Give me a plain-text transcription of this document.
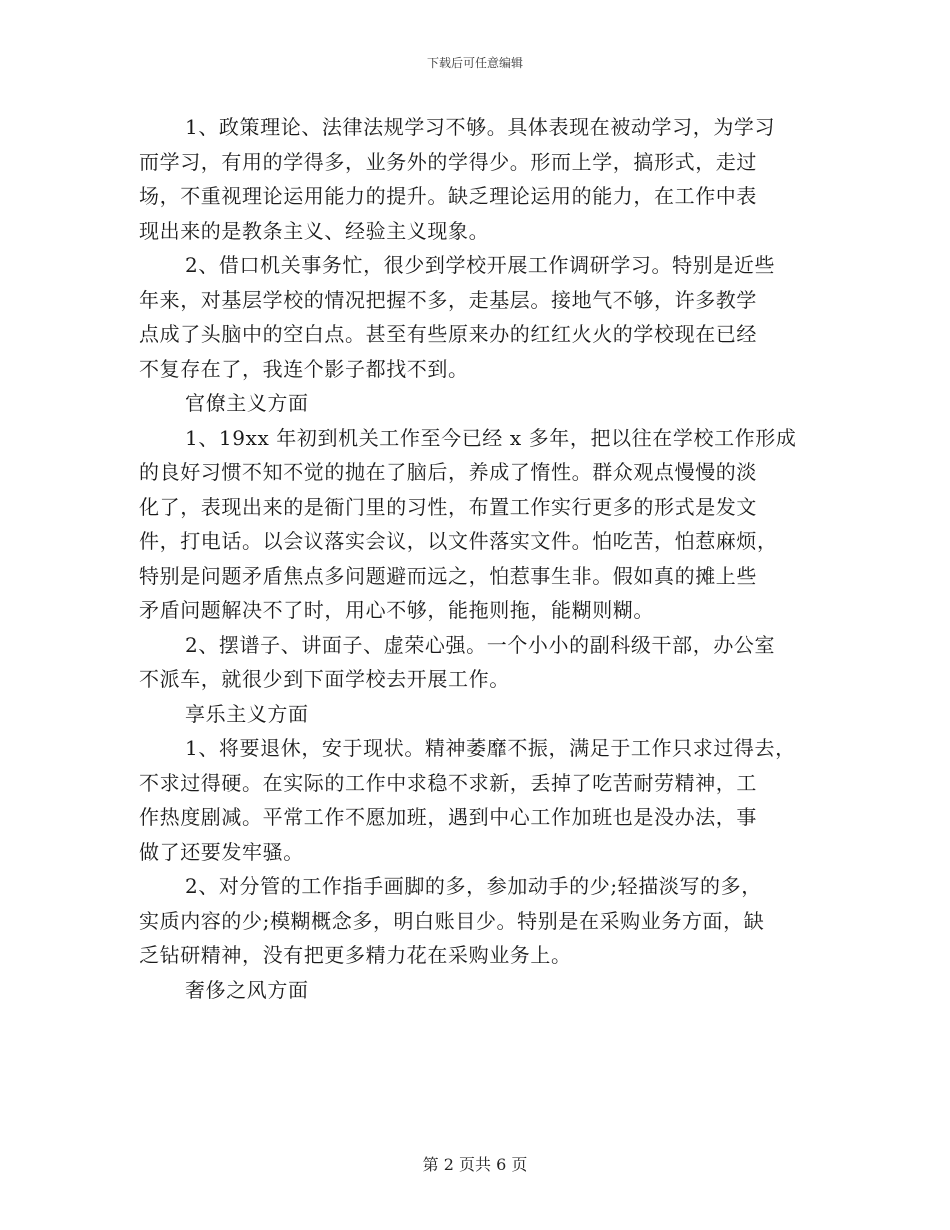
下载后可任意编辑
1、政策理论、法律法规学习不够。具体表现在被动学习，为学习
而学习，有用的学得多，业务外的学得少。形而上学，搞形式，走过
场，不重视理论运用能力的提升。缺乏理论运用的能力，在工作中表
现出来的是教条主义、经验主义现象。
2、借口机关事务忙，很少到学校开展工作调研学习。特别是近些
年来，对基层学校的情况把握不多，走基层。接地气不够，许多教学
点成了头脑中的空白点。甚至有些原来办的红红火火的学校现在已经
不复存在了，我连个影子都找不到。
官僚主义方面
1、19xx 年初到机关工作至今已经 x 多年，把以往在学校工作形成
的良好习惯不知不觉的抛在了脑后，养成了惰性。群众观点慢慢的淡
化了，表现出来的是衙门里的习性，布置工作实行更多的形式是发文
件，打电话。以会议落实会议，以文件落实文件。怕吃苦，怕惹麻烦，
特别是问题矛盾焦点多问题避而远之，怕惹事生非。假如真的摊上些
矛盾问题解决不了时，用心不够，能拖则拖，能糊则糊。
2、摆谱子、讲面子、虚荣心强。一个小小的副科级干部，办公室
不派车，就很少到下面学校去开展工作。
享乐主义方面
1、将要退休，安于现状。精神萎靡不振，满足于工作只求过得去，
不求过得硬。在实际的工作中求稳不求新，丢掉了吃苦耐劳精神，工
作热度剧减。平常工作不愿加班，遇到中心工作加班也是没办法，事
做了还要发牢骚。
2、对分管的工作指手画脚的多，参加动手的少;轻描淡写的多，
实质内容的少;模糊概念多，明白账目少。特别是在采购业务方面，缺
乏钻研精神，没有把更多精力花在采购业务上。
奢侈之风方面
第 2 页共 6 页
